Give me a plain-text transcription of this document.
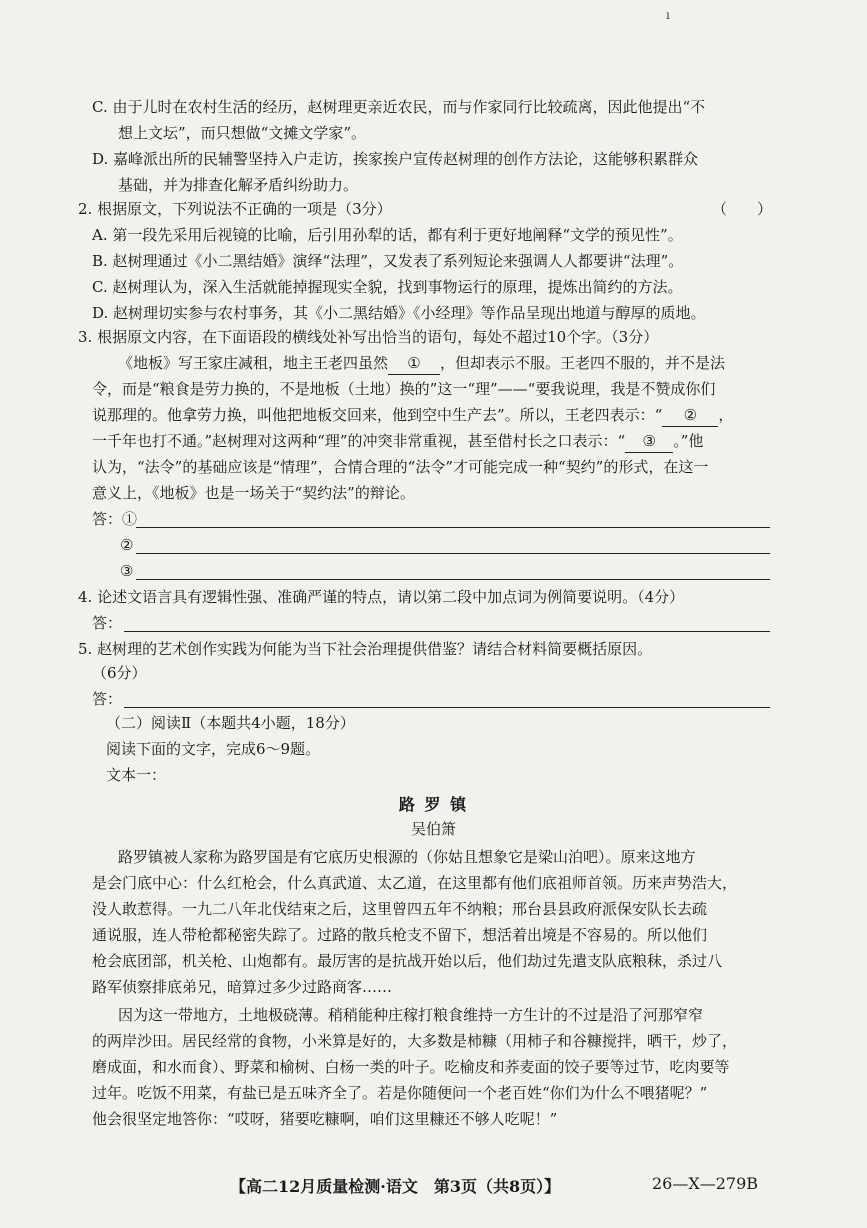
ı
C. 由于儿时在农村生活的经历，赵树理更亲近农民，而与作家同行比较疏离，因此他提出“不
想上文坛”，而只想做“文摊文学家”。
D. 嘉峰派出所的民辅警坚持入户走访，挨家挨户宣传赵树理的创作方法论，这能够积累群众
基础，并为排查化解矛盾纠纷助力。
2. 根据原文，下列说法不正确的一项是（3分）	（　　）
A. 第一段先采用后视镜的比喻，后引用孙犁的话，都有利于更好地阐释“文学的预见性”。
B. 赵树理通过《小二黑结婚》演绎“法理”，又发表了系列短论来强调人人都要讲“法理”。
C. 赵树理认为，深入生活就能掉握现实全貌，找到事物运行的原理，提炼出简约的方法。
D. 赵树理切实参与农村事务，其《小二黑结婚》《小经理》等作品呈现出地道与醇厚的质地。
3. 根据原文内容，在下面语段的横线处补写出恰当的语句，每处不超过10个字。（3分）
《地板》写王家庄减租，地主王老四虽然 ① ，但却表示不服。王老四不服的，并不是法
令，而是“粮食是劳力换的，不是地板（土地）换的”这一“理”——“要我说理，我是不赞成你们
说那理的。他拿劳力换，叫他把地板交回来，他到空中生产去”。所以，王老四表示：“ ② ，
一千年也打不通。”赵树理对这两种“理”的冲突非常重视，甚至借村长之口表示：“ ③ 。”他
认为，“法令”的基础应该是“情理”，合情合理的“法令”才可能完成一种“契约”的形式，在这一
意义上，《地板》也是一场关于“契约法”的辩论。
答：①
②
③
4. 论述文语言具有逻辑性强、准确严谨的特点，请以第二段中加点词为例简要说明。（4分）
答：
5. 赵树理的艺术创作实践为何能为当下社会治理提供借鉴？请结合材料简要概括原因。
（6分）
答：
（二）阅读Ⅱ（本题共4小题，18分）
阅读下面的文字，完成6～9题。
文本一：
路 罗 镇
吴伯箫
路罗镇被人家称为路罗国是有它底历史根源的（你姑且想象它是梁山泊吧）。原来这地方
是会门底中心：什么红枪会，什么真武道、太乙道，在这里都有他们底祖师首领。历来声势浩大，
没人敢惹得。一九二八年北伐结束之后，这里曾四五年不纳粮；邢台县县政府派保安队长去疏
通说服，连人带枪都秘密失踪了。过路的散兵枪支不留下，想活着出境是不容易的。所以他们
枪会底团部，机关枪、山炮都有。最厉害的是抗战开始以后，他们劫过先遣支队底粮秣，杀过八
路军侦察排底弟兄，暗算过多少过路商客……
因为这一带地方，土地极硗薄。稍稍能种庄稼打粮食维持一方生计的不过是沿了河那窄窄
的两岸沙田。居民经常的食物，小米算是好的，大多数是柿糠（用柿子和谷糠搅拌，晒干，炒了，
磨成面，和水而食）、野菜和榆树、白杨一类的叶子。吃榆皮和荞麦面的饺子要等过节，吃肉要等
过年。吃饭不用菜，有盐已是五味齐全了。若是你随便问一个老百姓“你们为什么不喂猪呢？”
他会很坚定地答你：“哎呀，猪要吃糠啊，咱们这里糠还不够人吃呢！”
【高二12月质量检测·语文　第3页（共8页）】	26—X—279B
